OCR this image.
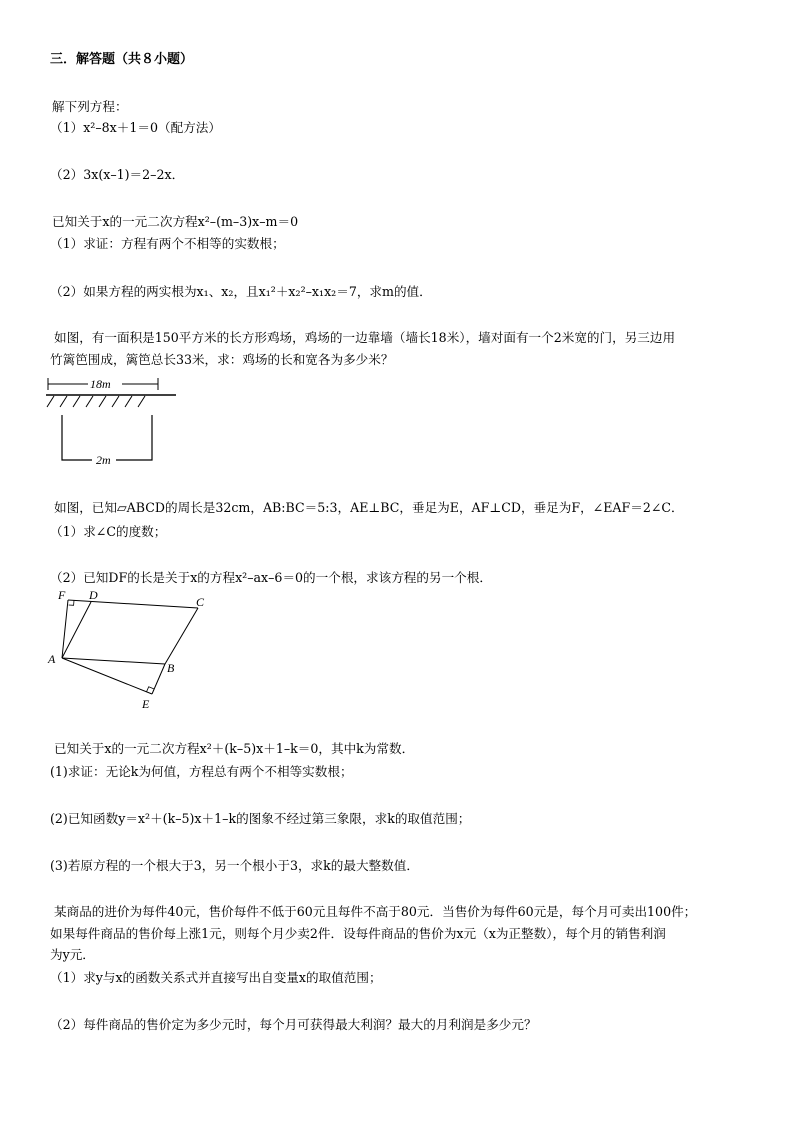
三．解答题（共８小题）
解下列方程：
（1）x²–8x＋1＝0（配方法）
（2）3x(x–1)＝2–2x．
已知关于x的一元二次方程x²–(m–3)x–m＝0
（1）求证：方程有两个不相等的实数根；
（2）如果方程的两实根为x₁、x₂，且x₁²＋x₂²–x₁x₂＝7，求m的值．
如图，有一面积是150平方米的长方形鸡场，鸡场的一边靠墙（墙长18米），墙对面有一个2米宽的门，另三边用
竹篱笆围成，篱笆总长33米，求：鸡场的长和宽各为多少米？
18m
2m
如图，已知▱ABCD的周长是32cm，AB:BC＝5:3，AE⊥BC，垂足为E，AF⊥CD，垂足为F，∠EAF＝2∠C．
（1）求∠C的度数；
（2）已知DF的长是关于x的方程x²–ax–6＝0的一个根，求该方程的另一个根．
F D	C
A
B
E
已知关于x的一元二次方程x²＋(k–5)x＋1–k＝0，其中k为常数．
(1)求证：无论k为何值，方程总有两个不相等实数根；
(2)已知函数y＝x²＋(k–5)x＋1–k的图象不经过第三象限，求k的取值范围；
(3)若原方程的一个根大于3，另一个根小于3，求k的最大整数值．
某商品的进价为每件40元，售价每件不低于60元且每件不高于80元．当售价为每件60元是，每个月可卖出100件；
如果每件商品的售价每上涨1元，则每个月少卖2件．设每件商品的售价为x元（x为正整数），每个月的销售利润
为y元．
（1）求y与x的函数关系式并直接写出自变量x的取值范围；
（2）每件商品的售价定为多少元时，每个月可获得最大利润？最大的月利润是多少元？
